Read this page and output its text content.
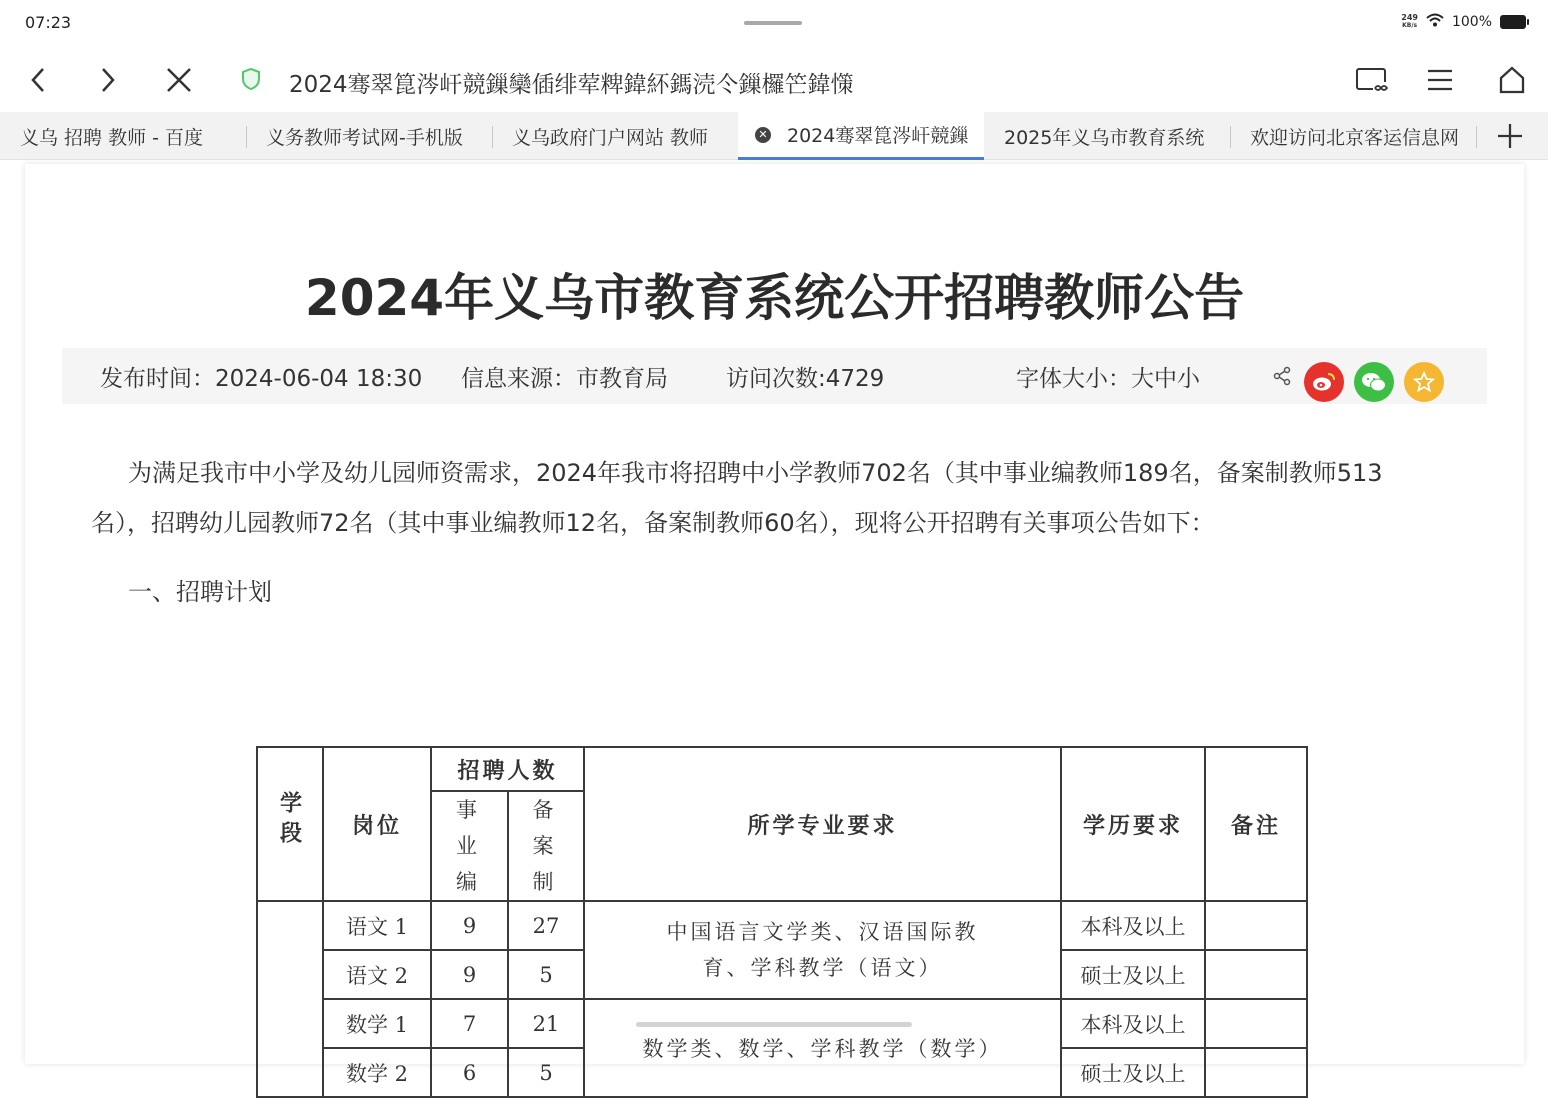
07:23	249
KB/s 100%
2024骞翠箟涔屽競鏁欒偛绯荤粺鍏紑鎷涜仒鏁欏笀鍏憡
义乌 招聘 教师 - 百度	义务教师考试网-手机版	义乌政府门户网站 教师	✕ 2024骞翠箟涔屽競鏁 2025年义乌市教育系统 欢迎访问北京客运信息网
2024年义乌市教育系统公开招聘教师公告
发布时间：2024-06-04 18:30 信息来源：市教育局	访问次数:4729	字体大小：大中小

为满足我市中小学及幼儿园师资需求，2024年我市将招聘中小学教师702名（其中事业编教师189名，备案制教师513名），招聘幼儿园教师72名（其中事业编教师12名，备案制教师60名），现将公开招聘有关事项公告如下：

一、招聘计划
学段	岗位	招聘人数		所学专业要求	学历要求	备注
		事业编	备案制			
	语文 1	9	27	中国语言文学类、汉语国际教育、学科教学（语文）	本科及以上	
	语文 2	9	5		硕士及以上	
	数学 1	7	21	数学类、数学、学科教学（数学）	本科及以上	
	数学 2	6	5		硕士及以上	
